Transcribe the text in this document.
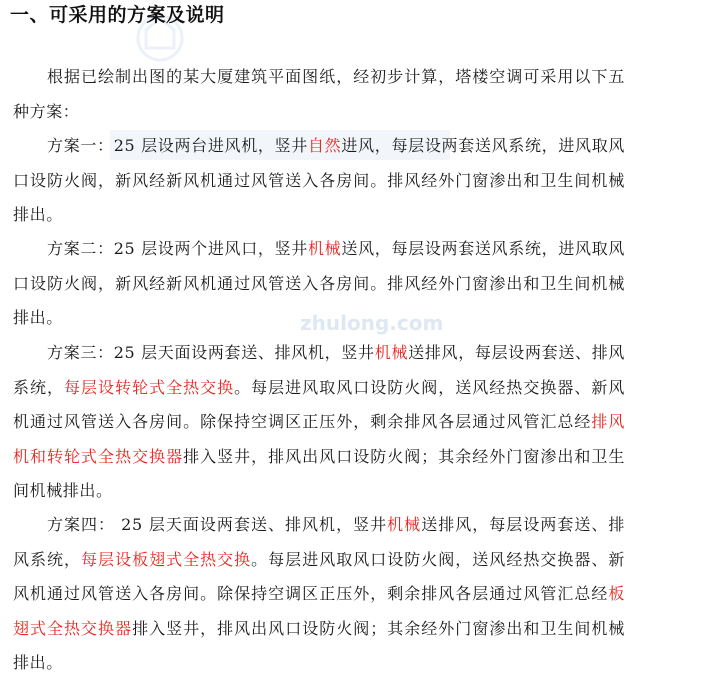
zhulong.com
一、可采用的方案及说明

根据已绘制出图的某大厦建筑平面图纸，经初步计算，塔楼空调可采用以下五种方案：

方案一：25 层设两台进风机，竖井自然进风，每层设两套送风系统，进风取风口设防火阀，新风经新风机通过风管送入各房间。排风经外门窗渗出和卫生间机械排出。

方案二：25 层设两个进风口，竖井机械送风，每层设两套送风系统，进风取风口设防火阀，新风经新风机通过风管送入各房间。排风经外门窗渗出和卫生间机械排出。

方案三：25 层天面设两套送、排风机，竖井机械送排风，每层设两套送、排风系统，每层设转轮式全热交换。每层进风取风口设防火阀，送风经热交换器、新风机通过风管送入各房间。除保持空调区正压外，剩余排风各层通过风管汇总经排风机和转轮式全热交换器排入竖井，排风出风口设防火阀；其余经外门窗渗出和卫生间机械排出。

方案四： 25 层天面设两套送、排风机，竖井机械送排风，每层设两套送、排风系统，每层设板翅式全热交换。每层进风取风口设防火阀，送风经热交换器、新风机通过风管送入各房间。除保持空调区正压外，剩余排风各层通过风管汇总经板翅式全热交换器排入竖井，排风出风口设防火阀；其余经外门窗渗出和卫生间机械排出。
